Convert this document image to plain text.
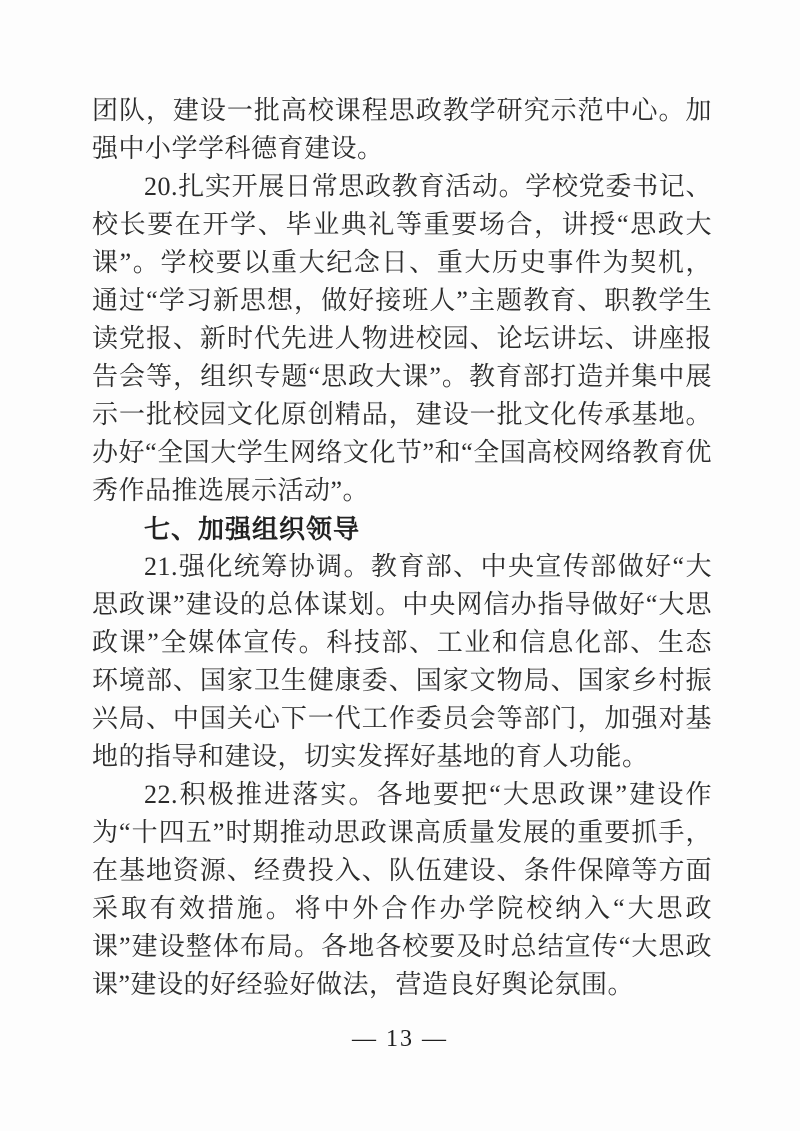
团队，建设一批高校课程思政教学研究示范中心。加强中小学学科德育建设。

20.扎实开展日常思政教育活动。学校党委书记、校长要在开学、毕业典礼等重要场合，讲授“思政大课”。学校要以重大纪念日、重大历史事件为契机，通过“学习新思想，做好接班人”主题教育、职教学生读党报、新时代先进人物进校园、论坛讲坛、讲座报告会等，组织专题“思政大课”。教育部打造并集中展示一批校园文化原创精品，建设一批文化传承基地。办好“全国大学生网络文化节”和“全国高校网络教育优秀作品推选展示活动”。

七、加强组织领导

21.强化统筹协调。教育部、中央宣传部做好“大思政课”建设的总体谋划。中央网信办指导做好“大思政课”全媒体宣传。科技部、工业和信息化部、生态环境部、国家卫生健康委、国家文物局、国家乡村振兴局、中国关心下一代工作委员会等部门，加强对基地的指导和建设，切实发挥好基地的育人功能。

22.积极推进落实。各地要把“大思政课”建设作为“十四五”时期推动思政课高质量发展的重要抓手，在基地资源、经费投入、队伍建设、条件保障等方面采取有效措施。将中外合作办学院校纳入“大思政课”建设整体布局。各地各校要及时总结宣传“大思政课”建设的好经验好做法，营造良好舆论氛围。

— 13 —
